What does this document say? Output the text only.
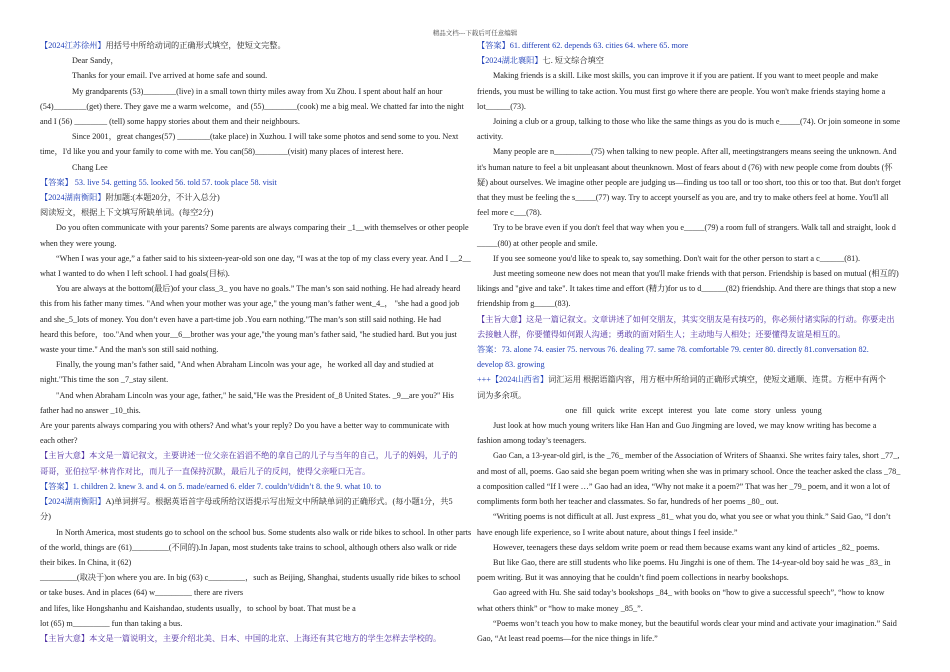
精品文档---下载后可任意编辑

【2024江苏徐州】用括号中所给动词的正确形式填空，使短文完整。

Dear Sandy，

Thanks for your email. I've arrived at home safe and sound.

My grandparents (53)________(live) in a small town thirty miles away from Xu Zhou. I spent about half an hour

(54)________(get) there. They gave me a warm welcome，and (55)________(cook) me a big meal. We chatted far into the night

and I (56) ________ (tell) some happy stories about them and their neighbours.

Since 2001，great changes(57) ________(take place) in Xuzhou. I will take some photos and send some to you. Next

time，I'd like you and your family to come with me. You can(58)________(visit) many places of interest here.

Chang Lee

【答案】 53. live 54. getting 55. looked 56. told 57. took place 58. visit

【2024湖南衡阳】附加题:(本题20分，不计入总分)

阅读短文，根据上下文填写所缺单词。(每空2分)

Do you often communicate with your parents? Some parents are always comparing their _1__with themselves or other people

when they were young.

“When I was your age,” a father said to his sixteen-year-old son one day, “I was at the top of my class every year. And I __2__

what I wanted to do when I left school. I had goals(目标).

You are always at the bottom(最后)of your class_3_ you have no goals.” The man’s son said nothing. He had already heard

this from his father many times. "And when your mother was your age," the young man’s father went_4_， "she had a good job

and she_5_lots of money. You don’t even have a part-time job .You earn nothing."The man’s son still said nothing. He had

heard this before，too."And when your__6__brother was your age,"the young man’s father said, "he studied hard. But you just

waste your time." And the man's son still said nothing.

Finally, the young man’s father said, "And when Abraham Lincoln was your age，he worked all day and studied at

night."This time the son _7_stay silent.

"And when Abraham Lincoln was your age, father," he said,"He was the President of_8 United States. _9__are you?" His

father had no answer _10_this.

Are your parents always comparing you with others? And what’s your reply? Do you have a better way to communicate with

each other?

【主旨大意】本文是一篇记叙文，主要讲述一位父亲在滔滔不绝的拿自己的儿子与当年的自己，儿子的妈妈，儿子的

哥哥，亚伯拉罕·林肯作对比，而儿子一直保持沉默，最后儿子的反问，使得父亲哑口无言。

【答案】1. children 2. knew 3. and 4. on 5. made/earned 6. elder 7. couldn’t/didn’t 8. the 9. what 10. to

【2024湖南衡阳】A)单词拼写。根据英语首字母或所给汉语提示写出短文中所缺单词的正确形式。(每小题1分，共5

分)

In North America, most students go to school on the school bus. Some students also walk or ride bikes to school. In other parts

of the world, things are (61)_________(不同的).In Japan, most students take trains to school, although others also walk or ride

their bikes. In China, it (62)

_________(取决于)on where you are. In big (63) c_________，such as Beijing, Shanghai, students usually ride bikes to school

or take buses. And in places (64) w_________ there are rivers

and lifes, like Hongshanhu and Kaishandao, students usually，to school by boat. That must be a

lot (65) m_________ fun than taking a bus.

【主旨大意】本文是一篇说明文，主要介绍北美、日本、中国的北京、上海还有其它地方的学生怎样去学校的。

【答案】61. different 62. depends 63. cities 64. where 65. more

【2024湖北襄阳】七. 短文综合填空

Making friends is a skill. Like most skills, you can improve it if you are patient. If you want to meet people and make

friends, you must be willing to take action. You must first go where there are people. You won't make friends staying home a

lot______(73).

Joining a club or a group, talking to those who like the same things as you do is much e_____(74). Or join someone in some

activity.

Many people are n_________(75) when talking to new people. After all, meetingstrangers means seeing the unknown. And

it's human nature to feel a bit unpleasant about theunknown. Most of fears about d (76) with new people come from doubts (怀

疑) about ourselves. We imagine other people are judging us—finding us too tall or too short, too this or too that. But don't forget

that they must be feeling the s_____(77) way. Try to accept yourself as you are, and try to make others feel at home. You'll all

feel more c___(78).

Try to be brave even if you don't feel that way when you e_____(79) a room full of strangers. Walk tall and straight, look d

_____(80) at other people and smile.

If you see someone you'd like to speak to, say something. Don't wait for the other person to start a c______(81).

Just meeting someone new does not mean that you'll make friends with that person. Friendship is based on mutual (相互的)

likings and "give and take". It takes time and effort (精力)for us to d______(82) friendship. And there are things that stop a new

friendship from g_____(83).

【主旨大意】这是一篇记叙文。文章讲述了如何交朋友，其实交朋友是有技巧的，你必须付诸实际的行动。你要走出

去接触人群，你要懂得如何跟人沟通；勇敢的面对陌生人；主动地与人相处；还要懂得友谊是相互的。

答案：73. alone 74. easier 75. nervous 76. dealing 77. same 78. comfortable 79. center 80. directly 81.conversation 82.

develop 83. growing

+++【2024山西省】词汇运用 根据语篇内容，用方框中所给词的正确形式填空，使短文通顺、连贯。方框中有两个

词为多余项。

one fill quick write except interest you late come story unless young

Just look at how much young writers like Han Han and Guo Jingming are loved, we may know writing has become a

fashion among today’s teenagers.

Gao Can, a 13-year-old girl, is the _76_ member of the Association of Writers of Shaanxi. She writes fairy tales, short _77_,

and most of all, poems. Gao said she began poem writing when she was in primary school. Once the teacher asked the class _78_

a composition called “If I were …” Gao had an idea, “Why not make it a poem?” That was her _79_ poem, and it won a lot of

compliments form both her teacher and classmates. So far, hundreds of her poems _80_ out.

“Writing poems is not difficult at all. Just express _81_ what you do, what you see or what you think.” Said Gao, “I don’t

have enough life experience, so I write about nature, about things I feel inside.”

However, teenagers these days seldom write poem or read them because exams want any kind of articles _82_ poems.

But like Gao, there are still students who like poems. Hu Jingzhi is one of them. The 14-year-old boy said he was _83_ in

poem writing. But it was annoying that he couldn’t find poem collections in nearby bookshops.

Gao agreed with Hu. She said today’s bookshops _84_ with books on “how to give a successful speech”, “how to know

what others think” or “how to make money _85_”.

“Poems won’t teach you how to make money, but the beautiful words clear your mind and activate your imagination.” Said

Gao, “At least read poems—for the nice things in life.”
